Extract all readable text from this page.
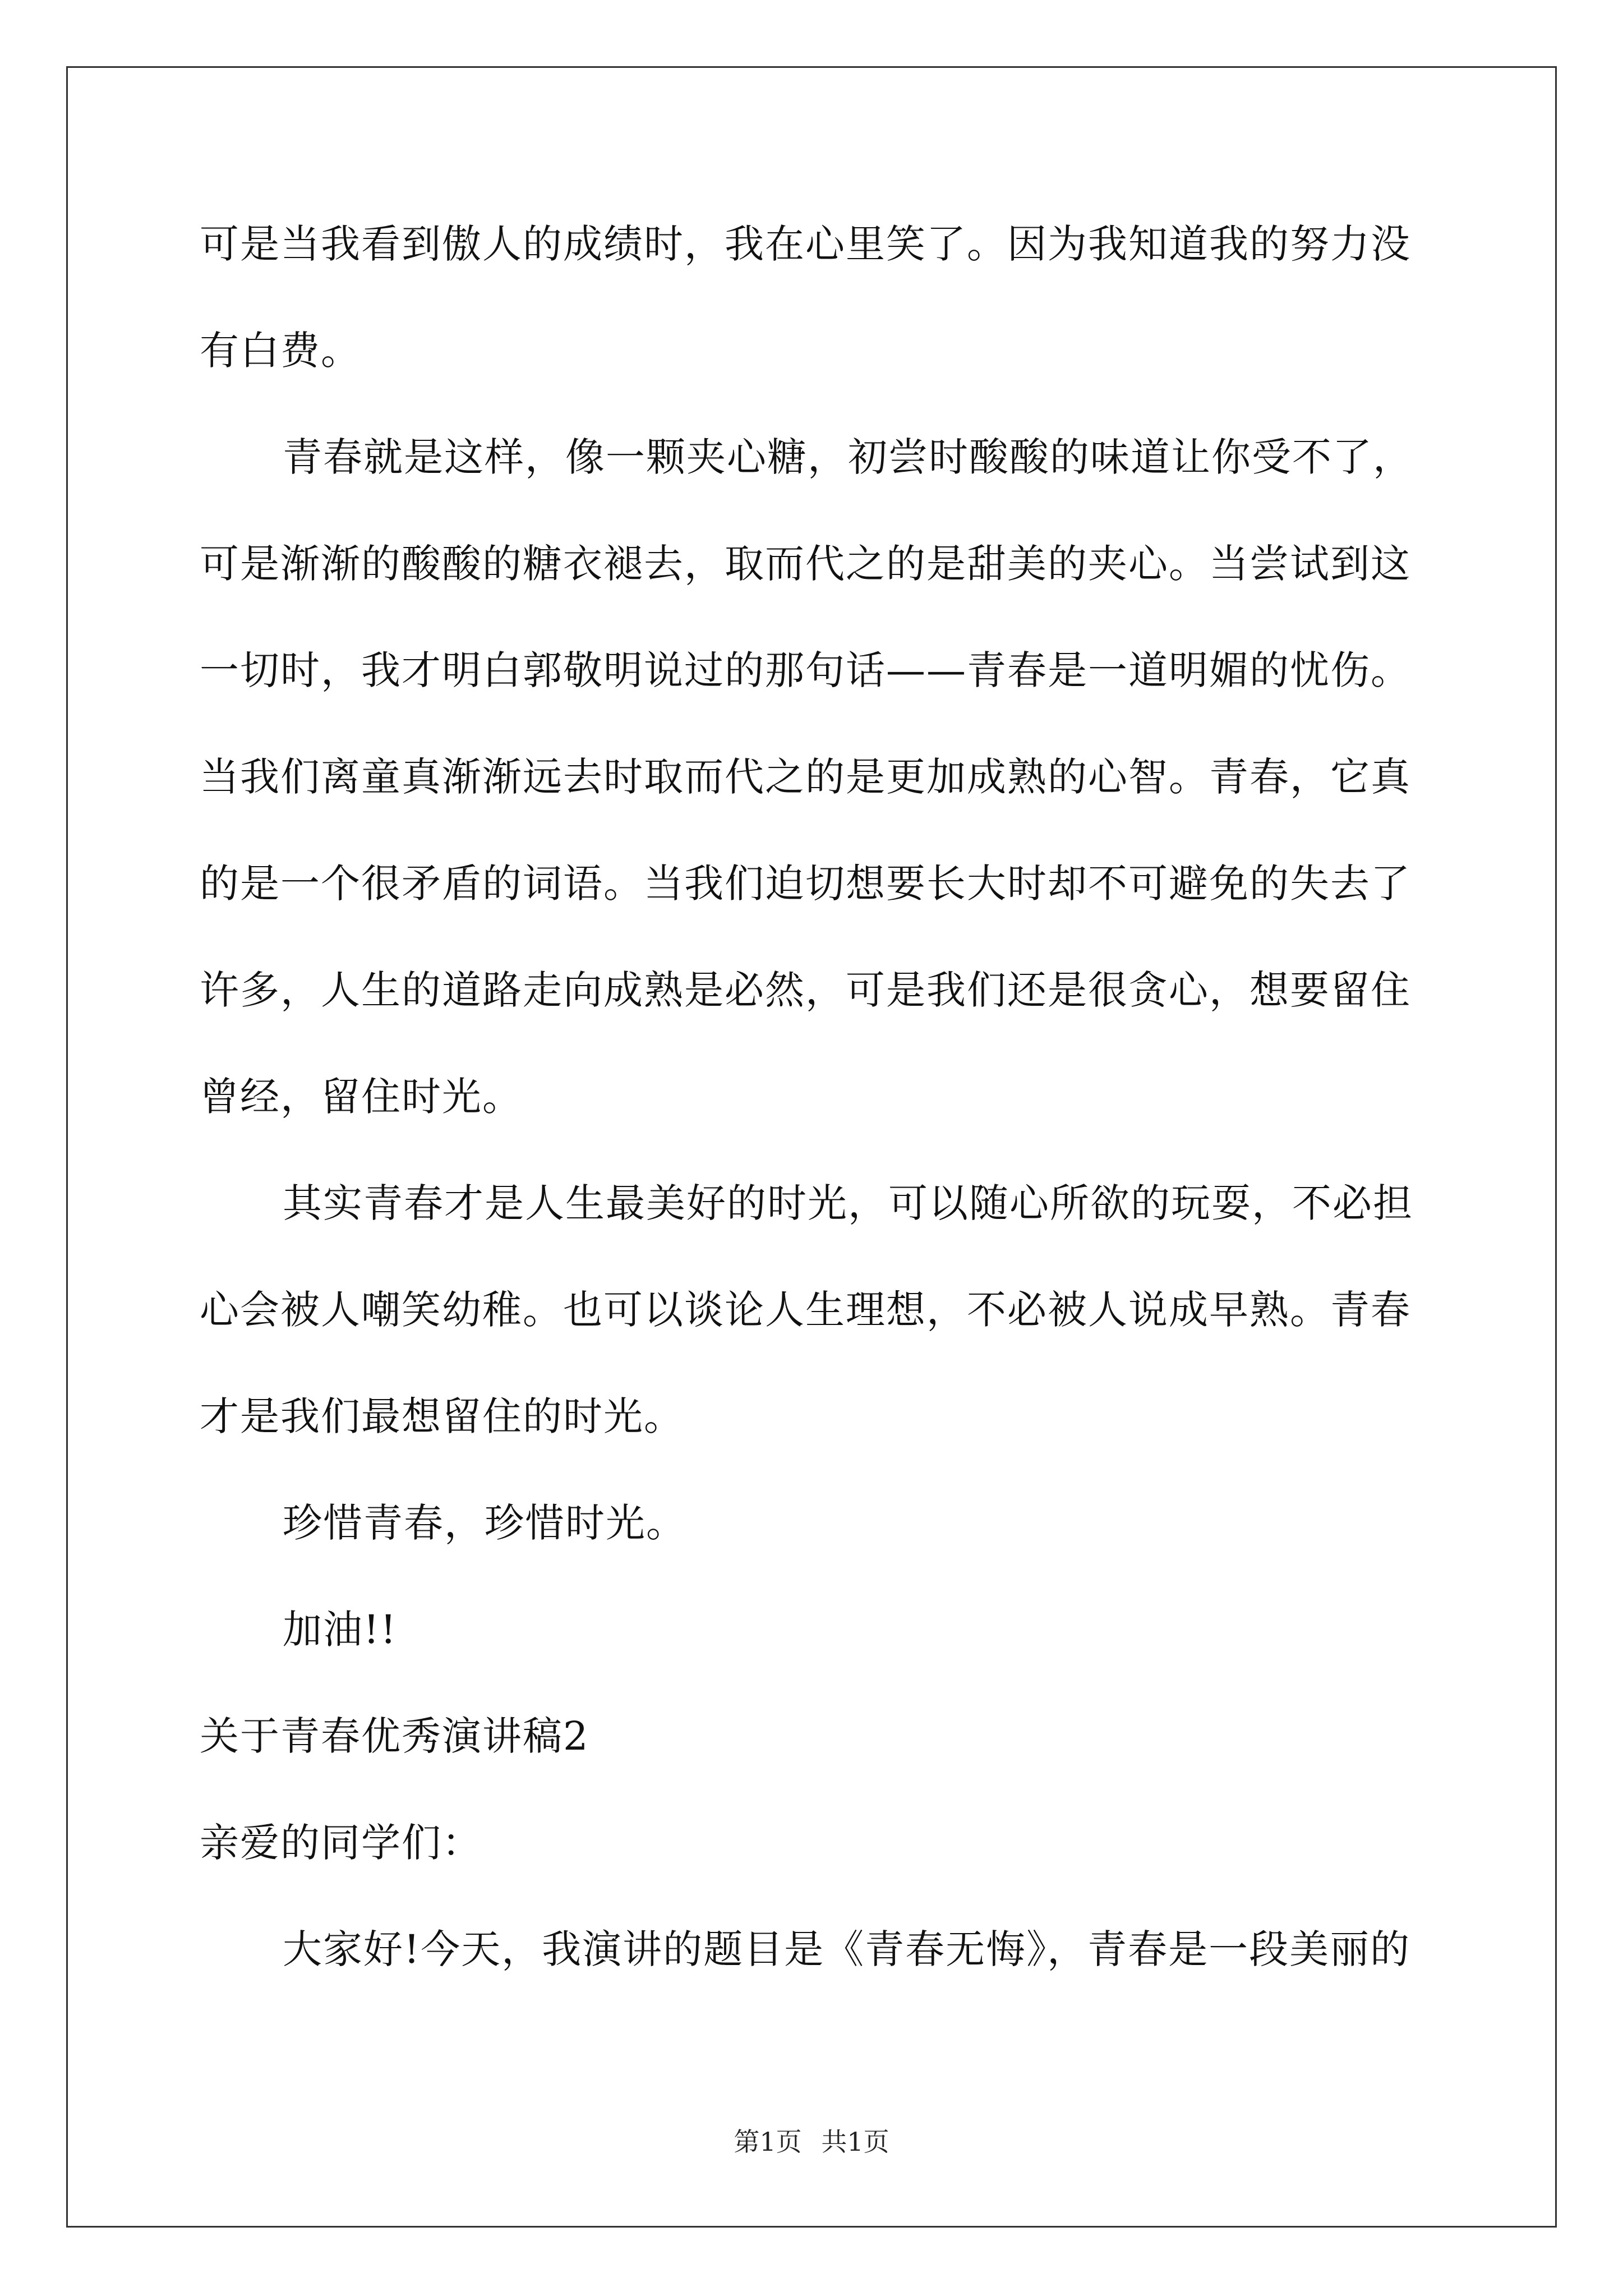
可是当我看到傲人的成绩时，我在心里笑了。因为我知道我的努力没
有白费。
青春就是这样，像一颗夹心糖，初尝时酸酸的味道让你受不了，
可是渐渐的酸酸的糖衣褪去，取而代之的是甜美的夹心。当尝试到这
一切时，我才明白郭敬明说过的那句话——青春是一道明媚的忧伤。
当我们离童真渐渐远去时取而代之的是更加成熟的心智。青春，它真
的是一个很矛盾的词语。当我们迫切想要长大时却不可避免的失去了
许多，人生的道路走向成熟是必然，可是我们还是很贪心，想要留住
曾经，留住时光。
其实青春才是人生最美好的时光，可以随心所欲的玩耍，不必担
心会被人嘲笑幼稚。也可以谈论人生理想，不必被人说成早熟。青春
才是我们最想留住的时光。
珍惜青春，珍惜时光。
加油!!
关于青春优秀演讲稿2
亲爱的同学们：
大家好!今天，我演讲的题目是《青春无悔》，青春是一段美丽的
第1页 共1页
